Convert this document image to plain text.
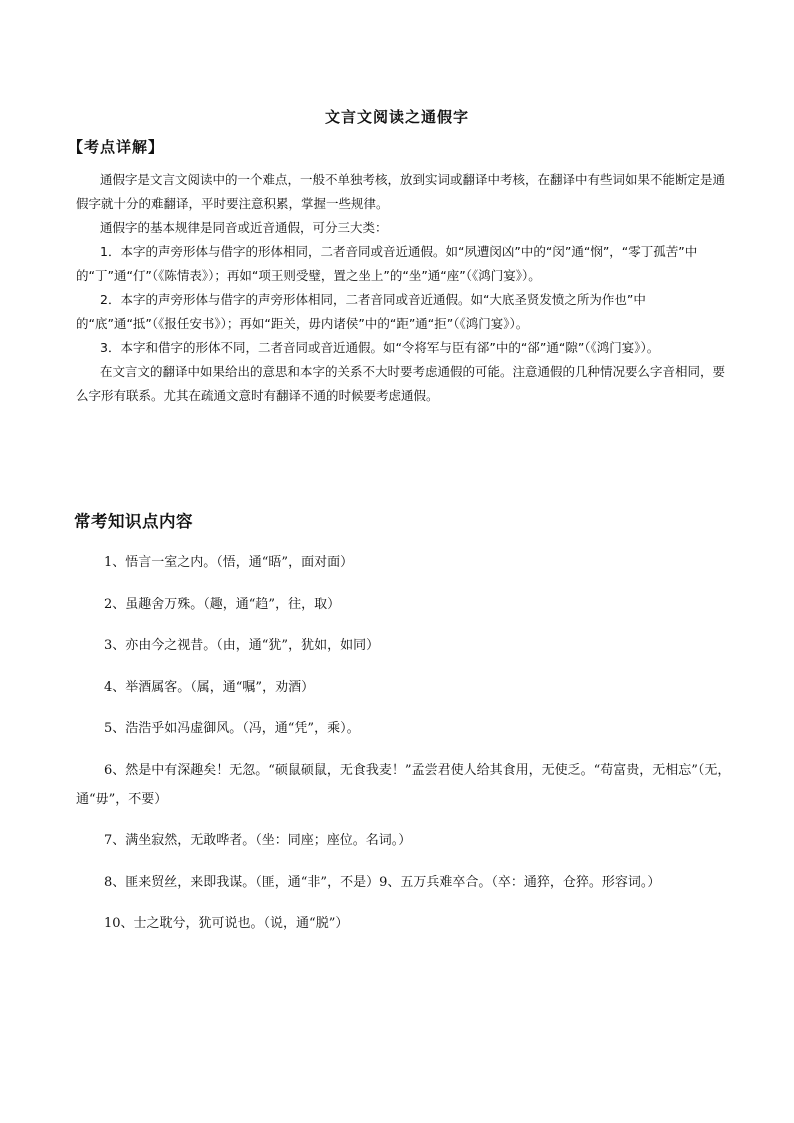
文言文阅读之通假字
【考点详解】

通假字是文言文阅读中的一个难点，一般不单独考核，放到实词或翻译中考核，在翻译中有些词如果不能断定是通假字就十分的难翻译，平时要注意积累，掌握一些规律。

通假字的基本规律是同音或近音通假，可分三大类：

1．本字的声旁形体与借字的形体相同，二者音同或音近通假。如“夙遭闵凶”中的“闵”通“悯”，“零丁孤苦”中的“丁”通“仃”（《陈情表》）；再如“项王则受璧，置之坐上”的“坐”通“座”（《鸿门宴》）。

2．本字的声旁形体与借字的声旁形体相同，二者音同或音近通假。如“大底圣贤发愤之所为作也”中的“底”通“抵”（《报任安书》）；再如“距关，毋内诸侯”中的“距”通“拒”（《鸿门宴》）。

3．本字和借字的形体不同，二者音同或音近通假。如“令将军与臣有郤”中的“郤”通“隙”（《鸿门宴》）。

在文言文的翻译中如果给出的意思和本字的关系不大时要考虑通假的可能。注意通假的几种情况要么字音相同，要么字形有联系。尤其在疏通文意时有翻译不通的时候要考虑通假。

常考知识点内容

1、悟言一室之内。（悟，通“晤”，面对面）

2、虽趣舍万殊。（趣，通“趋”，往，取）

3、亦由今之视昔。（由，通“犹”，犹如，如同）

4、举酒属客。（属，通“嘱”，劝酒）

5、浩浩乎如冯虚御风。（冯，通“凭”，乘）。

6、然是中有深趣矣！无忽。“硕鼠硕鼠，无食我麦！”孟尝君使人给其食用，无使乏。“苟富贵，无相忘”（无，通“毋”，不要）

7、满坐寂然，无敢哗者。（坐：同座；座位。名词。）

8、匪来贸丝，来即我谋。（匪，通“非”，不是）9、五万兵难卒合。（卒：通猝，仓猝。形容词。）

10、士之耽兮，犹可说也。（说，通“脱”）
